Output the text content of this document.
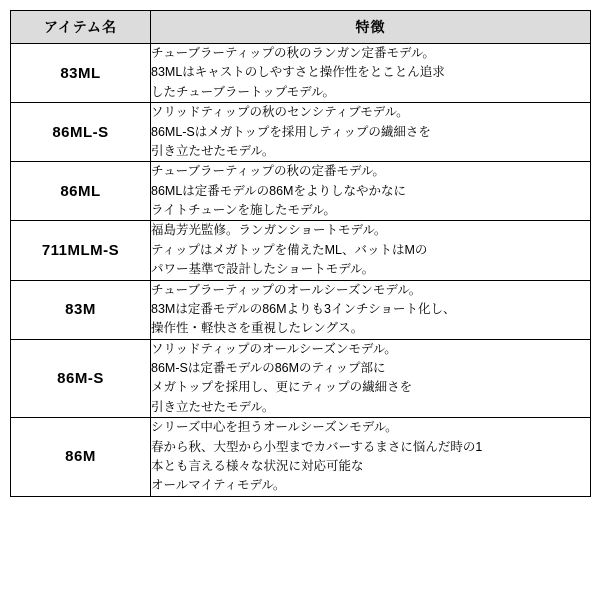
アイテム名	特徴
83ML	チューブラーティップの秋のランガン定番モデル。
83MLはキャストのしやすさと操作性をとことん追求
したチューブラートップモデル。

86ML-S	ソリッドティップの秋のセンシティブモデル。
86ML-Sはメガトップを採用しティップの繊細さを
引き立たせたモデル。

86ML	チューブラーティップの秋の定番モデル。
86MLは定番モデルの86Mをよりしなやかなに
ライトチューンを施したモデル。

711MLM-S	福島芳光監修。ランガンショートモデル。
ティップはメガトップを備えたML、バットはMの
パワー基準で設計したショートモデル。

83M	チューブラーティップのオールシーズンモデル。
83Mは定番モデルの86Mよりも3インチショート化し、
操作性・軽快さを重視したレングス。

86M-S	ソリッドティップのオールシーズンモデル。
86M-Sは定番モデルの86Mのティップ部に
メガトップを採用し、更にティップの繊細さを
引き立たせたモデル。

86M	シリーズ中心を担うオールシーズンモデル。
春から秋、大型から小型までカバーするまさに悩んだ時の1
本とも言える様々な状況に対応可能な
オールマイティモデル。
